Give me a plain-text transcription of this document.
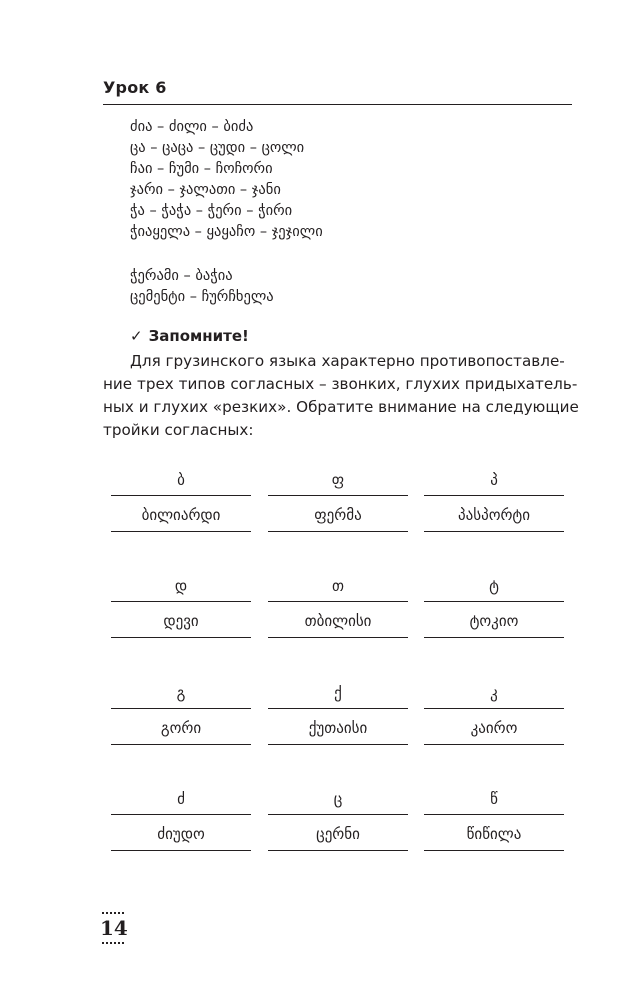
Урок 6
ძია – ძილი – ბიძა
ცა – ცაცა – ცუდი – ცოლი
ჩაი – ჩუმი – ჩოჩორი
ჯარი – ჯალათი – ჯანი
ჭა – ჭაჭა – ჭერი – ჭირი
ჭიაყელა – ყაყაჩო – ჯეჯილი
ჭერამი – ბაჭია
ცემენტი – ჩურჩხელა
✓ Запомните!
Для грузинского языка характерно противопоставле-
ние трех типов согласных – звонких, глухих придыхатель-
ных и глухих «резких». Обратите внимание на следующие
тройки согласных:
ბ
ბილიარდი
ფ
ფერმა
პ
პასპორტი
დ
დევი
თ
თბილისი
ტ
ტოკიო
გ
გორი
ქ
ქუთაისი
კ
კაირო
ძ
ძიუდო
ც
ცერნი
წ
წიწილა
14
